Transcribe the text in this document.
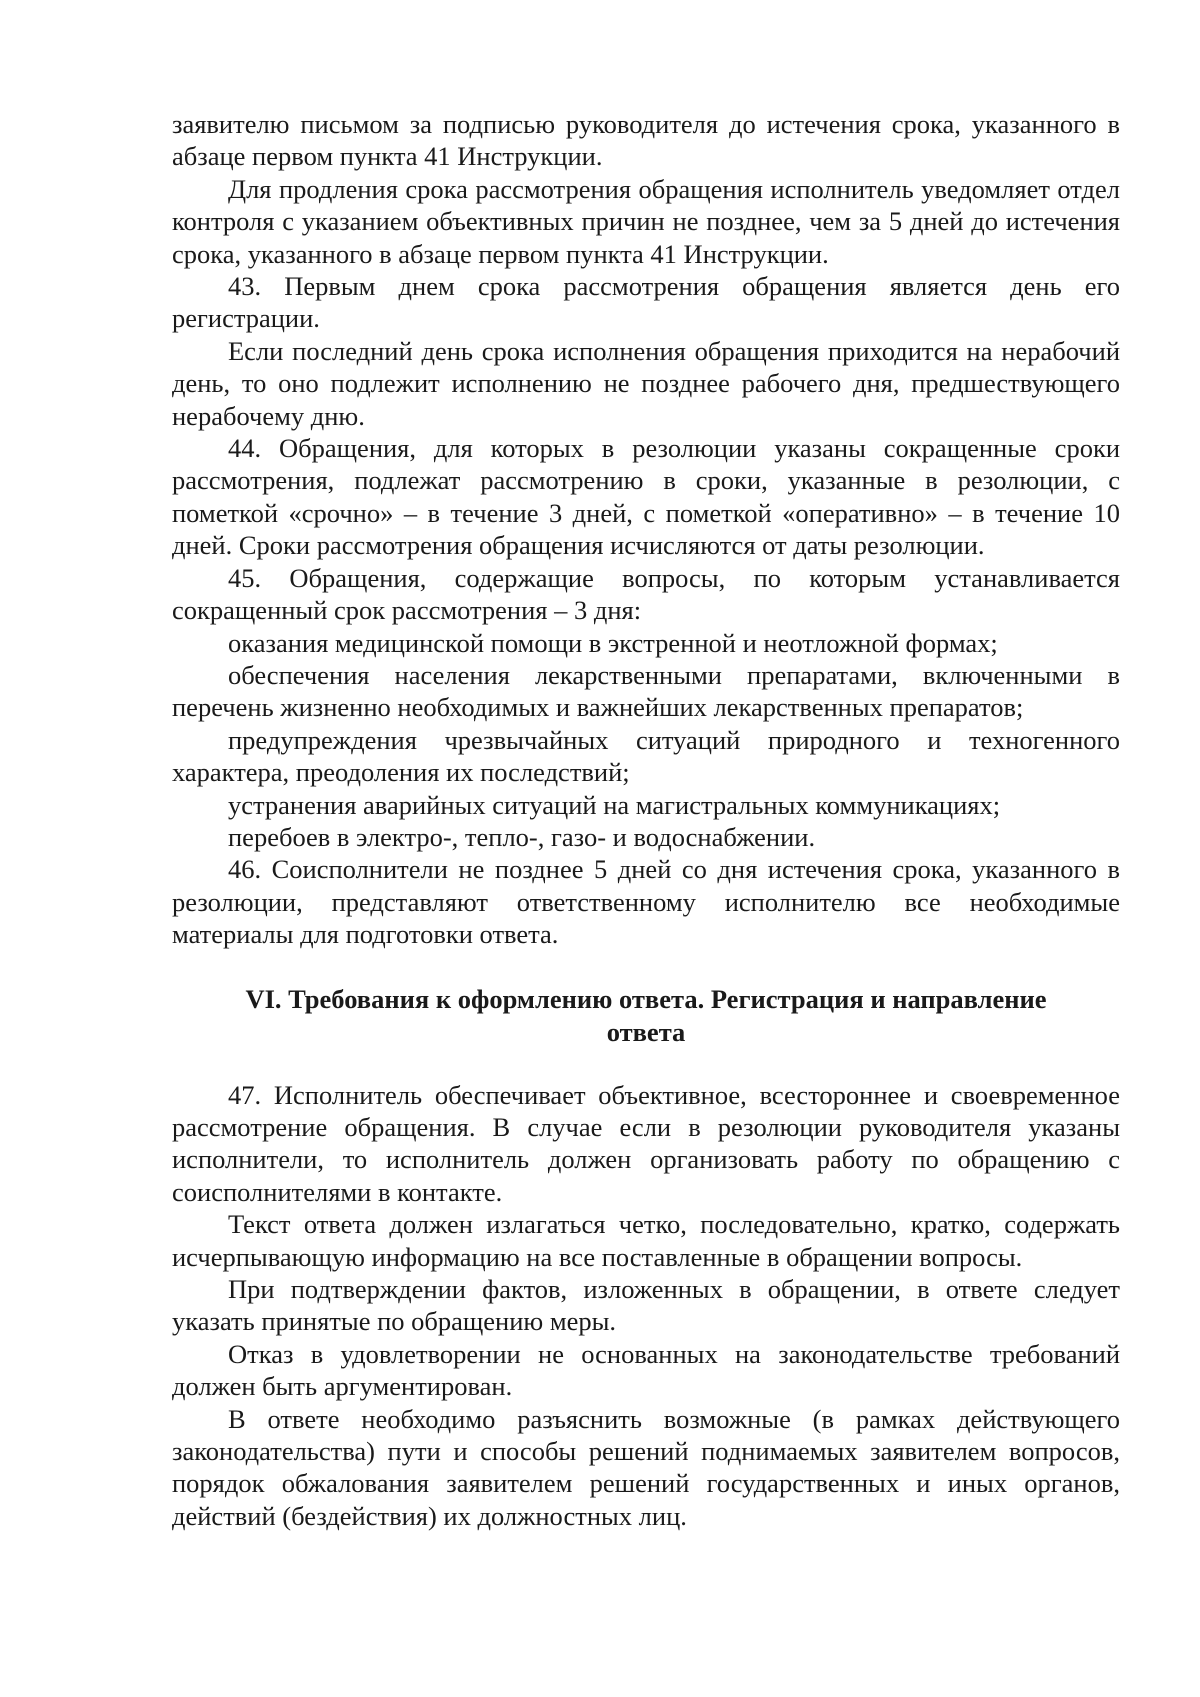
заявителю письмом за подписью руководителя до истечения срока, указанного в абзаце первом пункта 41 Инструкции.

Для продления срока рассмотрения обращения исполнитель уведомляет отдел контроля с указанием объективных причин не позднее, чем за 5 дней до истечения срока, указанного в абзаце первом пункта 41 Инструкции.

43. Первым днем срока рассмотрения обращения является день его регистрации.

Если последний день срока исполнения обращения приходится на нерабочий день, то оно подлежит исполнению не позднее рабочего дня, предшествующего нерабочему дню.

44. Обращения, для которых в резолюции указаны сокращенные сроки рассмотрения, подлежат рассмотрению в сроки, указанные в резолюции, с пометкой «срочно» – в течение 3 дней, с пометкой «оперативно» – в течение 10 дней. Сроки рассмотрения обращения исчисляются от даты резолюции.

45. Обращения, содержащие вопросы, по которым устанавливается сокращенный срок рассмотрения – 3 дня:

оказания медицинской помощи в экстренной и неотложной формах;

обеспечения населения лекарственными препаратами, включенными в перечень жизненно необходимых и важнейших лекарственных препаратов;

предупреждения чрезвычайных ситуаций природного и техногенного характера, преодоления их последствий;

устранения аварийных ситуаций на магистральных коммуникациях;

перебоев в электро-, тепло-, газо- и водоснабжении.

46. Соисполнители не позднее 5 дней со дня истечения срока, указанного в резолюции, представляют ответственному исполнителю все необходимые материалы для подготовки ответа.

VI. Требования к оформлению ответа. Регистрация и направление ответа

47. Исполнитель обеспечивает объективное, всестороннее и своевременное рассмотрение обращения. В случае если в резолюции руководителя указаны исполнители, то исполнитель должен организовать работу по обращению с соисполнителями в контакте.

Текст ответа должен излагаться четко, последовательно, кратко, содержать исчерпывающую информацию на все поставленные в обращении вопросы.

При подтверждении фактов, изложенных в обращении, в ответе следует указать принятые по обращению меры.

Отказ в удовлетворении не основанных на законодательстве требований должен быть аргументирован.

В ответе необходимо разъяснить возможные (в рамках действующего законодательства) пути и способы решений поднимаемых заявителем вопросов, порядок обжалования заявителем решений государственных и иных органов, действий (бездействия) их должностных лиц.
